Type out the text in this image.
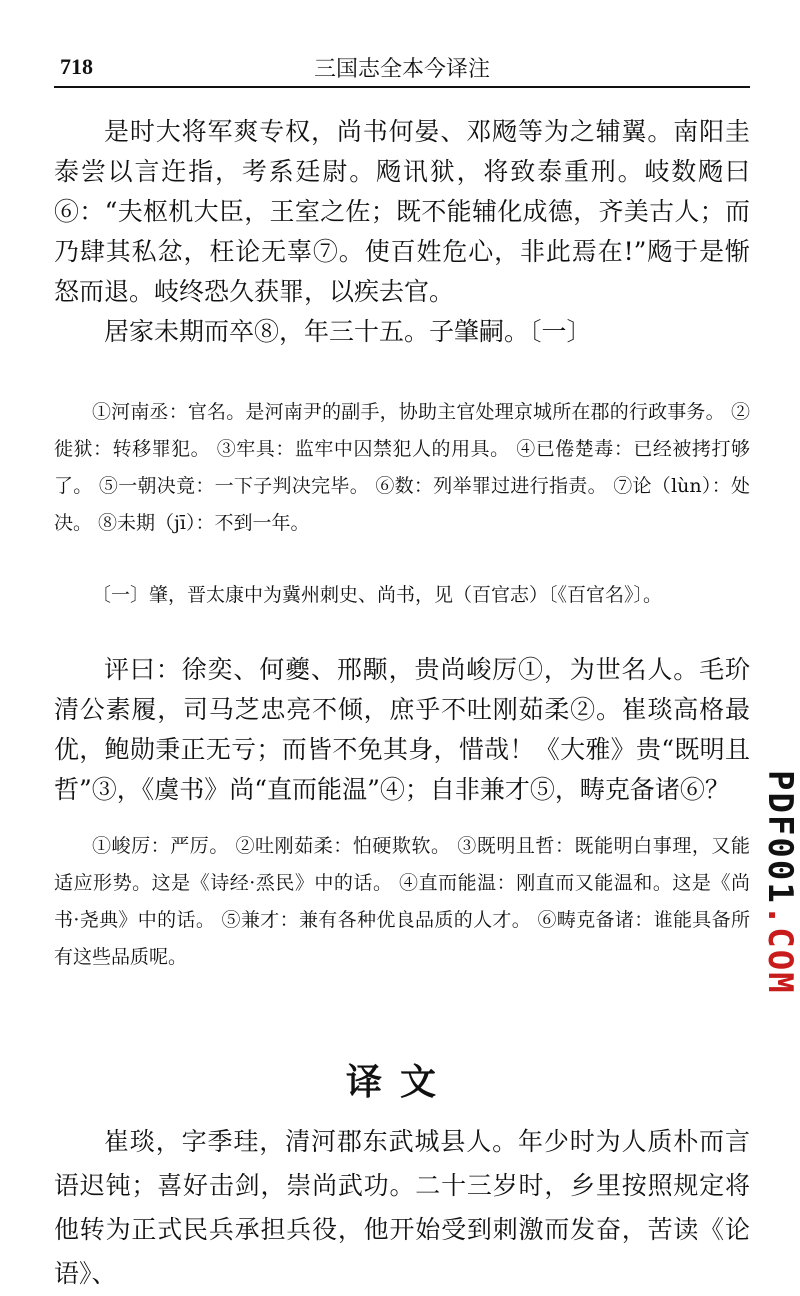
718	三国志全本今译注

是时大将军爽专权，尚书何晏、邓飏等为之辅翼。南阳圭泰尝以言迕指，考系廷尉。飏讯狱，将致泰重刑。岐数飏曰⑥：“夫枢机大臣，王室之佐；既不能辅化成德，齐美古人；而乃肆其私忿，枉论无辜⑦。使百姓危心，非此焉在!”飏于是惭怒而退。岐终恐久获罪，以疾去官。

居家未期而卒⑧，年三十五。子肇嗣。〔一〕

①河南丞：官名。是河南尹的副手，协助主官处理京城所在郡的行政事务。 ②徙狱：转移罪犯。 ③牢具：监牢中囚禁犯人的用具。 ④已倦楚毒：已经被拷打够了。 ⑤一朝决竟：一下子判决完毕。 ⑥数：列举罪过进行指责。 ⑦论（lùn）：处决。 ⑧未期（jī）：不到一年。

〔一〕肇，晋太康中为冀州刺史、尚书，见（百官志）〔《百官名》〕。

评曰：徐奕、何夔、邢颙，贵尚峻厉①，为世名人。毛玠清公素履，司马芝忠亮不倾，庶乎不吐刚茹柔②。崔琰高格最优，鲍勋秉正无亏；而皆不免其身，惜哉！《大雅》贵“既明且哲”③，《虞书》尚“直而能温”④；自非兼才⑤，畴克备诸⑥？

①峻厉：严厉。 ②吐刚茹柔：怕硬欺软。 ③既明且哲：既能明白事理，又能适应形势。这是《诗经·烝民》中的话。 ④直而能温：刚直而又能温和。这是《尚书·尧典》中的话。 ⑤兼才：兼有各种优良品质的人才。 ⑥畴克备诸：谁能具备所有这些品质呢。

译文

崔琰，字季珪，清河郡东武城县人。年少时为人质朴而言语迟钝；喜好击剑，崇尚武功。二十三岁时，乡里按照规定将他转为正式民兵承担兵役，他开始受到刺激而发奋，苦读《论语》、

PDF001.COM
